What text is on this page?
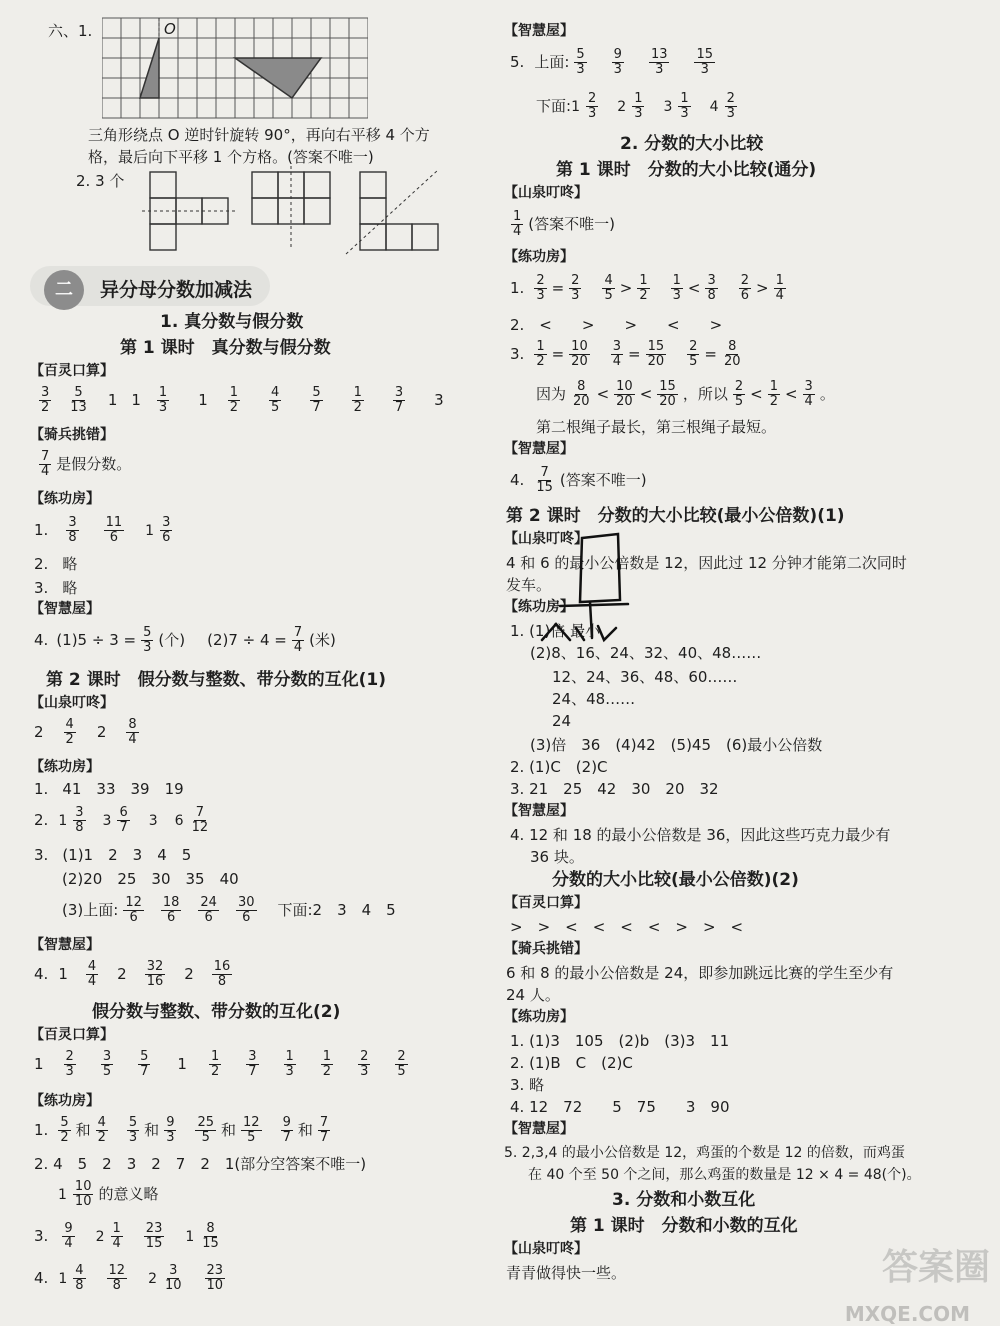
六、1.	O
三角形绕点 O 逆时针旋转 90°，再向右平移 4 个方
格，最后向下平移 1 个方格。(答案不唯一)
2. 3 个
二	异分母分数加减法
1. 真分数与假分数
第 1 课时　真分数与假分数
【百灵口算】
$\frac{3}{2} \frac{5}{13} 1$ $1 \frac{1}{3} 1 \frac{1}{2} \frac{4}{5} \frac{5}{7} \frac{1}{2} \frac{3}{7} 3$
【骑兵挑错】
$\frac{7}{4}$ 是假分数。
【练功房】
1. $\frac{3}{8} \frac{11}{6} 1 \frac{3}{6}$
2. 略
3. 略
【智慧屋】
4. $(1)5 \div 3 = \frac{5}{3}$ (个) $(2)7 \div 4 = \frac{7}{4}$ (米)
第 2 课时　假分数与整数、带分数的互化(1)
【山泉叮咚】
$2 \frac{4}{2} 2 \frac{8}{4}$
【练功房】
1. 41　33　39　19
2. $1 \frac{3}{8} 3 \frac{6}{7} 3$ $6 \frac{7}{12}$
3. (1)1　2　3　4　5
(2)20　25　30　35　40
(3)上面: $\frac{12}{6} \frac{18}{6} \frac{24}{6} \frac{30}{6}$ 下面:2　3　4　5
【智慧屋】
4. $1 \frac{4}{4} 2 \frac{32}{16} 2 \frac{16}{8}$
假分数与整数、带分数的互化(2)
【百灵口算】
$1 \frac{2}{3} \frac{3}{5} \frac{5}{7} 1 \frac{1}{2} \frac{3}{7} \frac{1}{3} \frac{1}{2} \frac{2}{3} \frac{2}{5}$
【练功房】
1. $\frac{5}{2}$ 和 $\frac{4}{2} \frac{5}{3}$ 和 $\frac{9}{3} \frac{25}{5}$ 和 $\frac{12}{5} \frac{9}{7}$ 和 $\frac{7}{7}$
2. 4　5　2　3　2　7　2　1(部分空答案不唯一)
$1 \frac{10}{10}$ 的意义略
3. $\frac{9}{4} 2 \frac{1}{4} \frac{23}{15} 1 \frac{8}{15}$
4. $1 \frac{4}{8} \frac{12}{8} 2 \frac{3}{10} \frac{23}{10}$
【智慧屋】
5. 上面: $\frac{5}{3} \frac{9}{3} \frac{13}{3} \frac{15}{3}$
下面: $1 \frac{2}{3} 2 \frac{1}{3} 3 \frac{1}{3} 4 \frac{2}{3}$
2. 分数的大小比较
第 1 课时　分数的大小比较(通分)
【山泉叮咚】
$\frac{1}{4}$ (答案不唯一)
【练功房】
1. $\frac{2}{3} = \frac{2}{3} \frac{4}{5} > \frac{1}{2} \frac{1}{3} < \frac{3}{8} \frac{2}{6} > \frac{1}{4}$
2.　<　　>　　>　　<　　>
3. $\frac{1}{2} = \frac{10}{20} \frac{3}{4} = \frac{15}{20} \frac{2}{5} = \frac{8}{20}$
因为 $\frac{8}{20} < \frac{10}{20} < \frac{15}{20}$ ，所以 $\frac{2}{5} < \frac{1}{2} < \frac{3}{4}$ 。
第二根绳子最长，第三根绳子最短。
【智慧屋】
4. $\frac{7}{15}$ (答案不唯一)
第 2 课时　分数的大小比较(最小公倍数)(1)
【山泉叮咚】
4 和 6 的最小公倍数是 12，因此过 12 分钟才能第二次同时
发车。
【练功房】
1. (1)倍 最小
(2)8、16、24、32、40、48……
12、24、36、48、60……
24、48……
24
(3)倍　36　(4)42　(5)45　(6)最小公倍数
2. (1)C　(2)C
3. 21　25　42　30　20　32
【智慧屋】
4. 12 和 18 的最小公倍数是 36，因此这些巧克力最少有
36 块。
分数的大小比较(最小公倍数)(2)
【百灵口算】
>　>　<　<　<　<　>　>　<
【骑兵挑错】
6 和 8 的最小公倍数是 24，即参加跳远比赛的学生至少有
24 人。
【练功房】
1. (1)3　105　(2)b　(3)3　11
2. (1)B　C　(2)C
3. 略
4. 12　72　　5　75　　3　90
【智慧屋】
5. 2,3,4 的最小公倍数是 12，鸡蛋的个数是 12 的倍数，而鸡蛋
在 40 个至 50 个之间，那么鸡蛋的数量是 12 × 4 = 48(个)。
3. 分数和小数互化
第 1 课时　分数和小数的互化
【山泉叮咚】
青青做得快一些。	答案圈
MXQE.COM
